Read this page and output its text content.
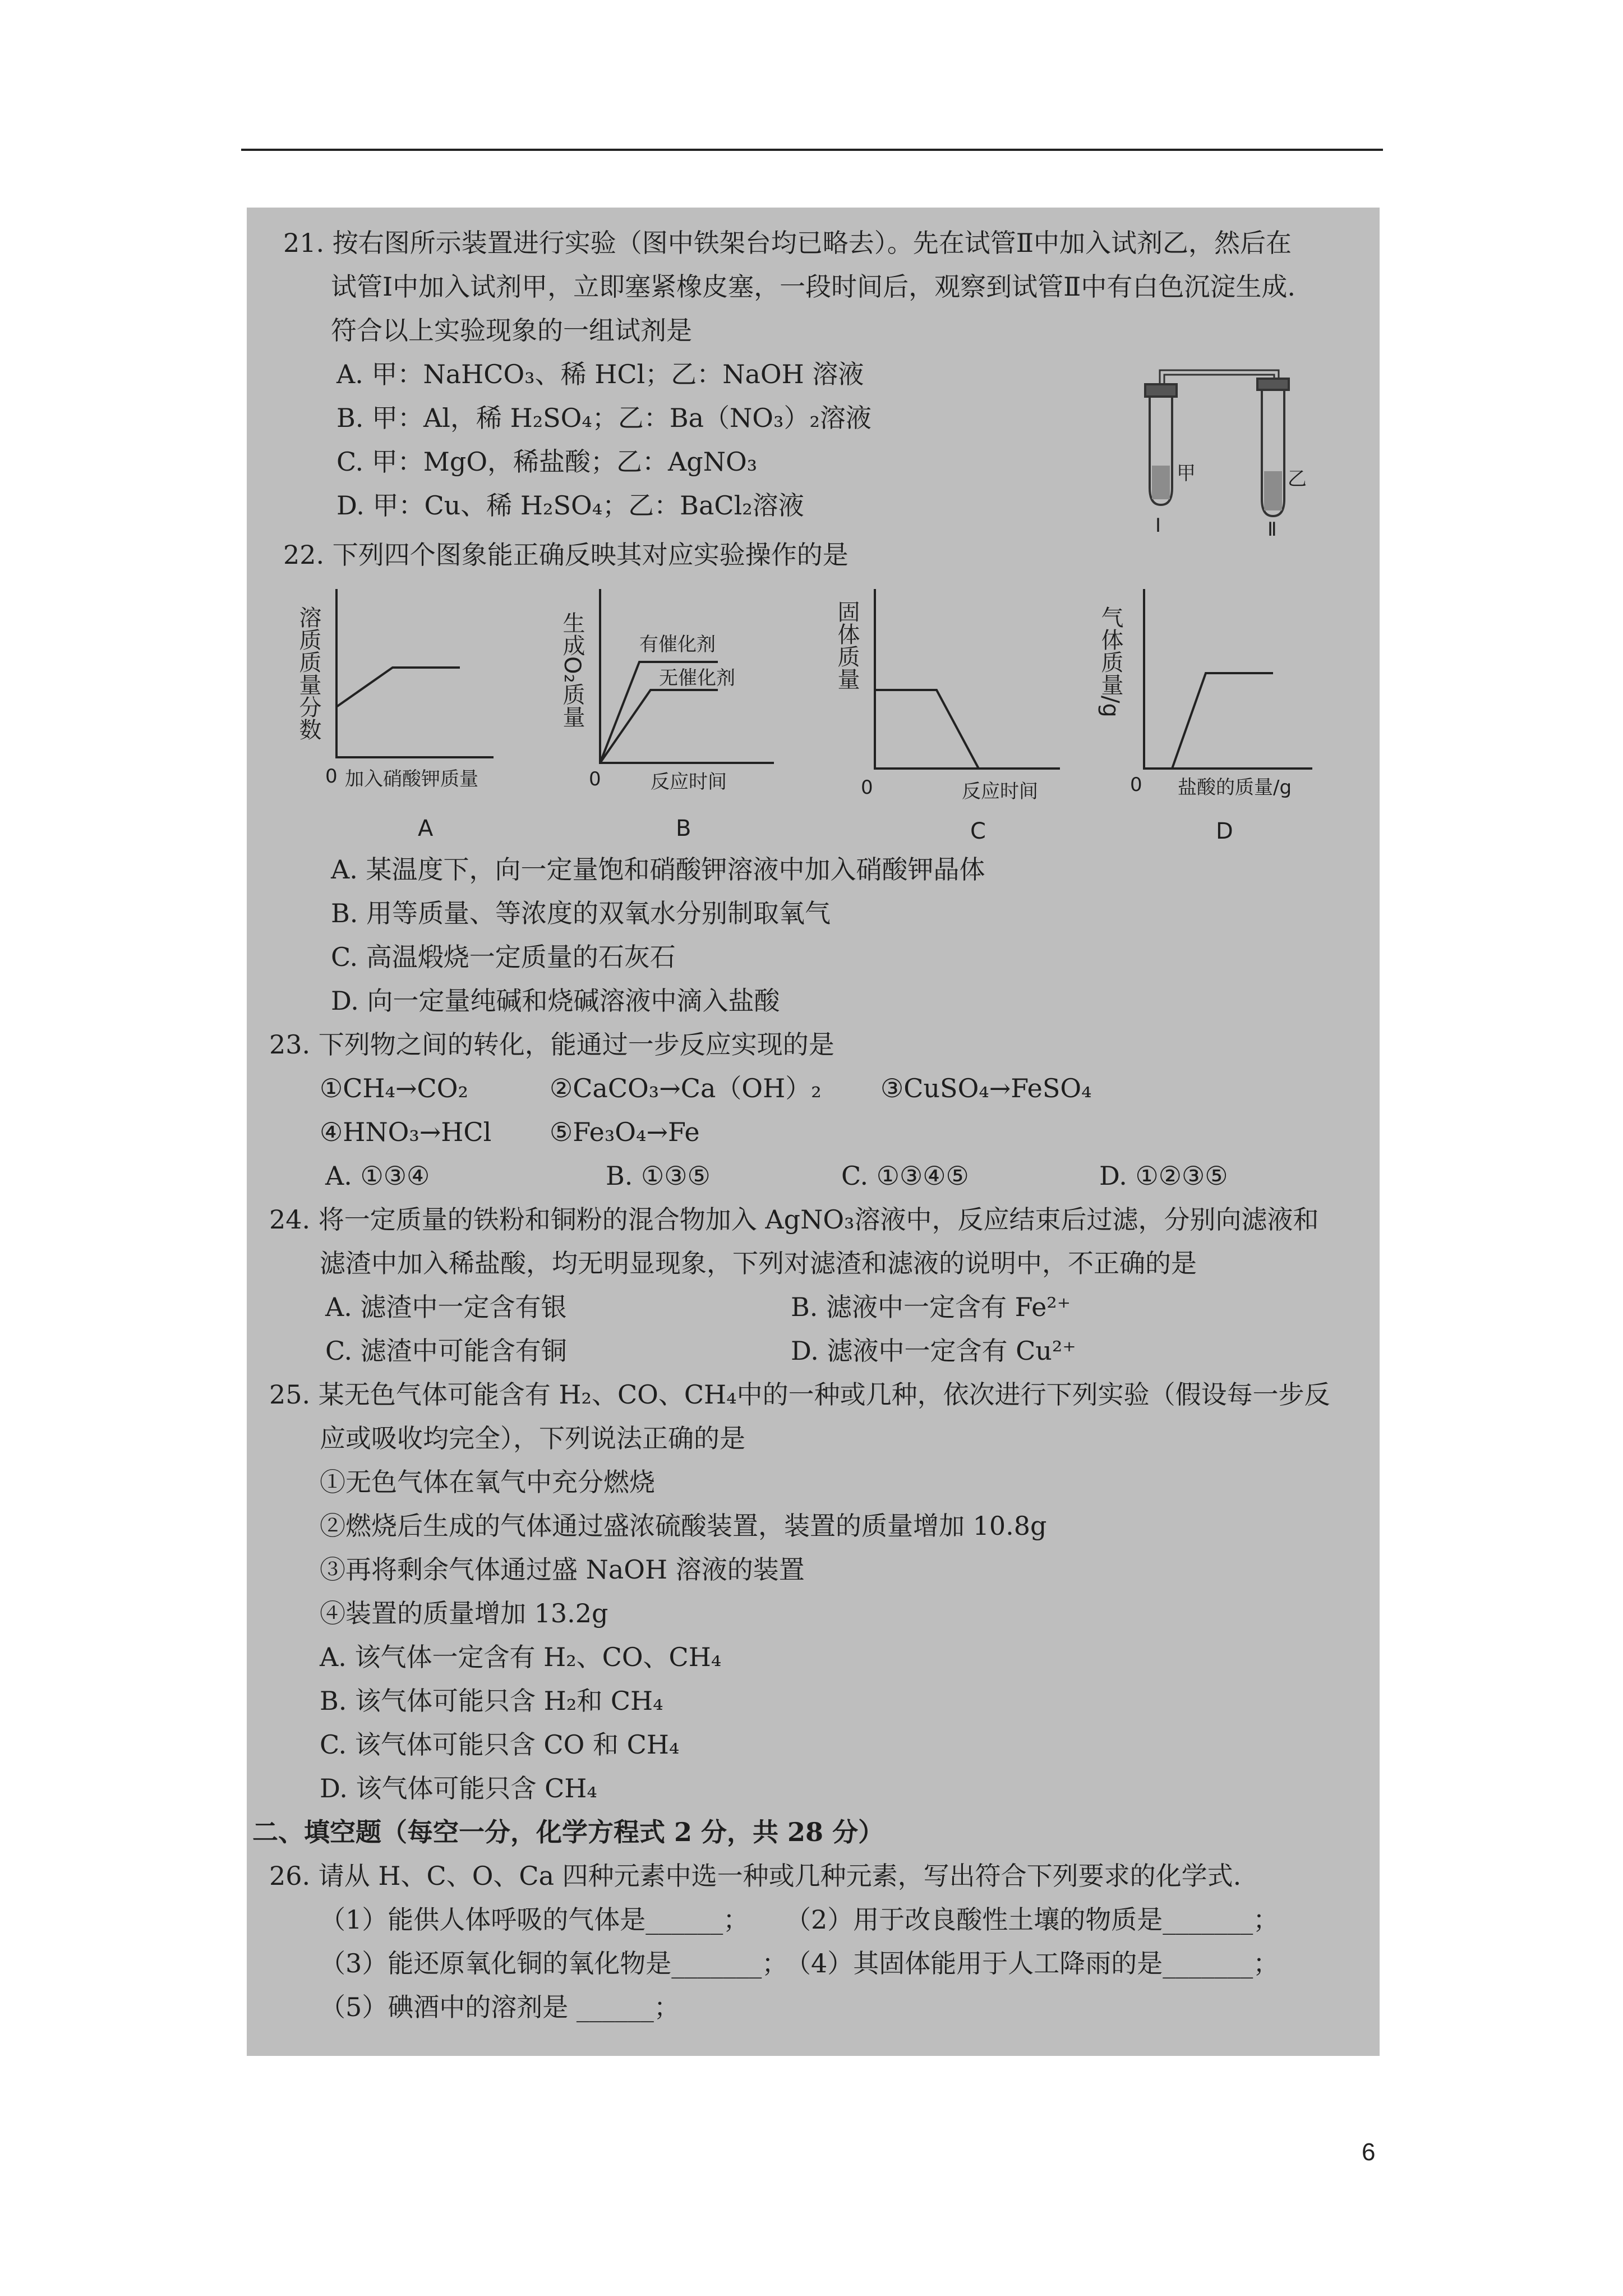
21. 按右图所示装置进行实验（图中铁架台均已略去）。先在试管Ⅱ中加入试剂乙，然后在
试管Ⅰ中加入试剂甲，立即塞紧橡皮塞，一段时间后，观察到试管Ⅱ中有白色沉淀生成.
符合以上实验现象的一组试剂是
A. 甲：NaHCO₃、稀 HCl；乙：NaOH 溶液
B. 甲：Al，稀 H₂SO₄；乙：Ba（NO₃）₂溶液
C. 甲：MgO，稀盐酸；乙：AgNO₃
D. 甲：Cu、稀 H₂SO₄；乙：BaCl₂溶液
甲	乙
Ⅰ	Ⅱ
22. 下列四个图象能正确反映其对应实验操作的是
溶质质量分数
0 加入硝酸钾质量
A
生成O₂质量	有催化剂
无催化剂
0	反应时间
B
固体质量
0	反应时间
C
气体质量/g
0 盐酸的质量/g
D
A. 某温度下，向一定量饱和硝酸钾溶液中加入硝酸钾晶体
B. 用等质量、等浓度的双氧水分别制取氧气
C. 高温煅烧一定质量的石灰石
D. 向一定量纯碱和烧碱溶液中滴入盐酸
23. 下列物之间的转化，能通过一步反应实现的是
①CH₄→CO₂	②CaCO₃→Ca（OH）₂ ③CuSO₄→FeSO₄
④HNO₃→HCl ⑤Fe₃O₄→Fe
A. ①③④	B. ①③⑤	C. ①③④⑤	D. ①②③⑤
24. 将一定质量的铁粉和铜粉的混合物加入 AgNO₃溶液中，反应结束后过滤，分别向滤液和
滤渣中加入稀盐酸，均无明显现象，下列对滤渣和滤液的说明中，不正确的是
A. 滤渣中一定含有银	B. 滤液中一定含有 Fe²⁺
C. 滤渣中可能含有铜	D. 滤液中一定含有 Cu²⁺
25. 某无色气体可能含有 H₂、CO、CH₄中的一种或几种，依次进行下列实验（假设每一步反
应或吸收均完全），下列说法正确的是
①无色气体在氧气中充分燃烧
②燃烧后生成的气体通过盛浓硫酸装置，装置的质量增加 10.8g
③再将剩余气体通过盛 NaOH 溶液的装置
④装置的质量增加 13.2g
A. 该气体一定含有 H₂、CO、CH₄
B. 该气体可能只含 H₂和 CH₄
C. 该气体可能只含 CO 和 CH₄
D. 该气体可能只含 CH₄
二、填空题（每空一分，化学方程式 2 分，共 28 分）
26. 请从 H、C、O、Ca 四种元素中选一种或几种元素，写出符合下列要求的化学式.
（1）能供人体呼吸的气体是______； （2）用于改良酸性土壤的物质是_______；
（3）能还原氧化铜的氧化物是_______；
（4）其固体能用于人工降雨的是_______；
（5）碘酒中的溶剂是 ______；
6
